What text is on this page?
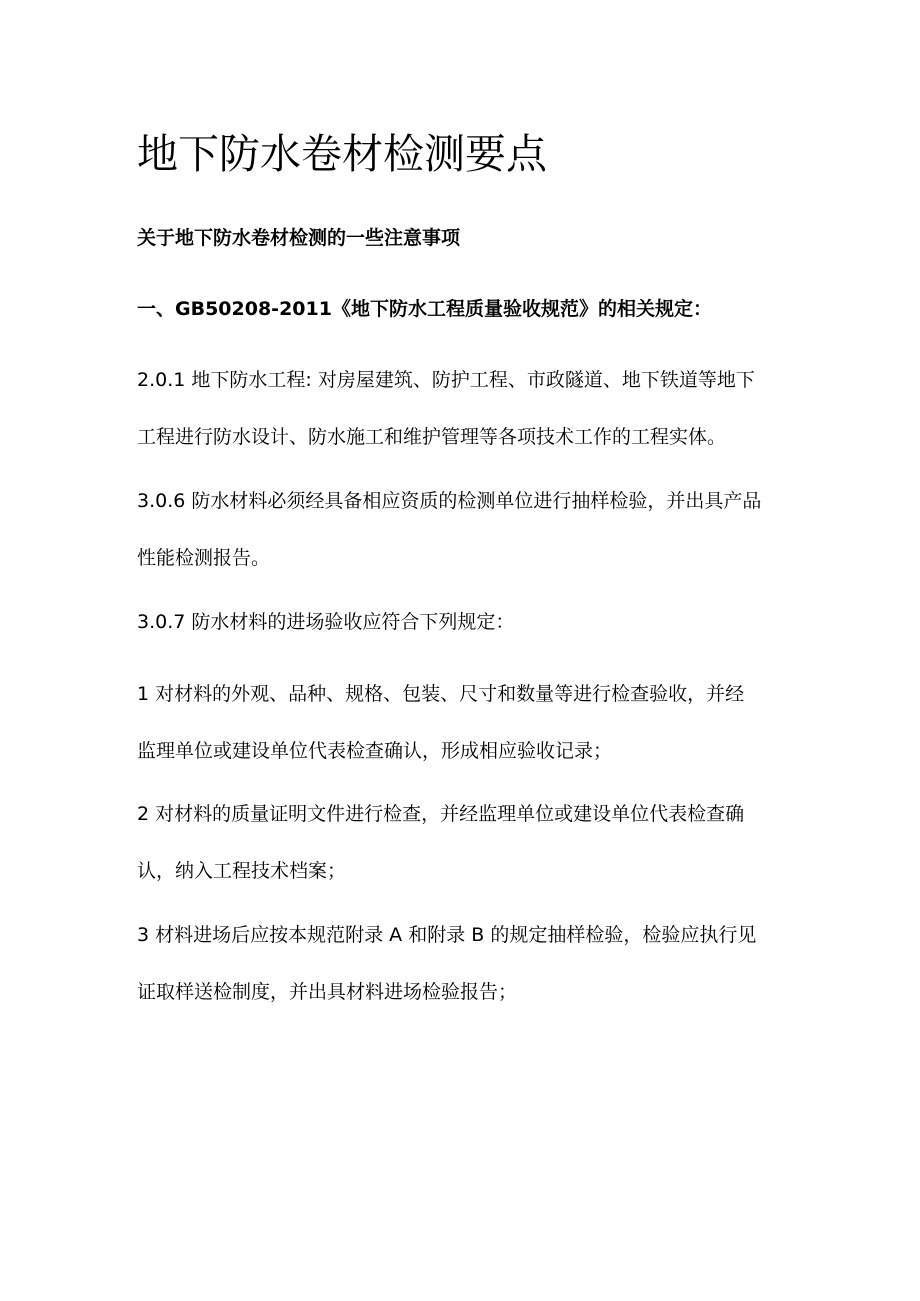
地下防水卷材检测要点

关于地下防水卷材检测的一些注意事项

一、GB50208-2011《地下防水工程质量验收规范》的相关规定：

2.0.1 地下防水工程: 对房屋建筑、防护工程、市政隧道、地下铁道等地下
工程进行防水设计、防水施工和维护管理等各项技术工作的工程实体。
3.0.6 防水材料必须经具备相应资质的检测单位进行抽样检验，并出具产品
性能检测报告。
3.0.7 防水材料的进场验收应符合下列规定：
1 对材料的外观、品种、规格、包装、尺寸和数量等进行检查验收，并经
监理单位或建设单位代表检查确认，形成相应验收记录；
2 对材料的质量证明文件进行检查，并经监理单位或建设单位代表检查确
认，纳入工程技术档案；
3 材料进场后应按本规范附录 A 和附录 B 的规定抽样检验，检验应执行见
证取样送检制度，并出具材料进场检验报告；
